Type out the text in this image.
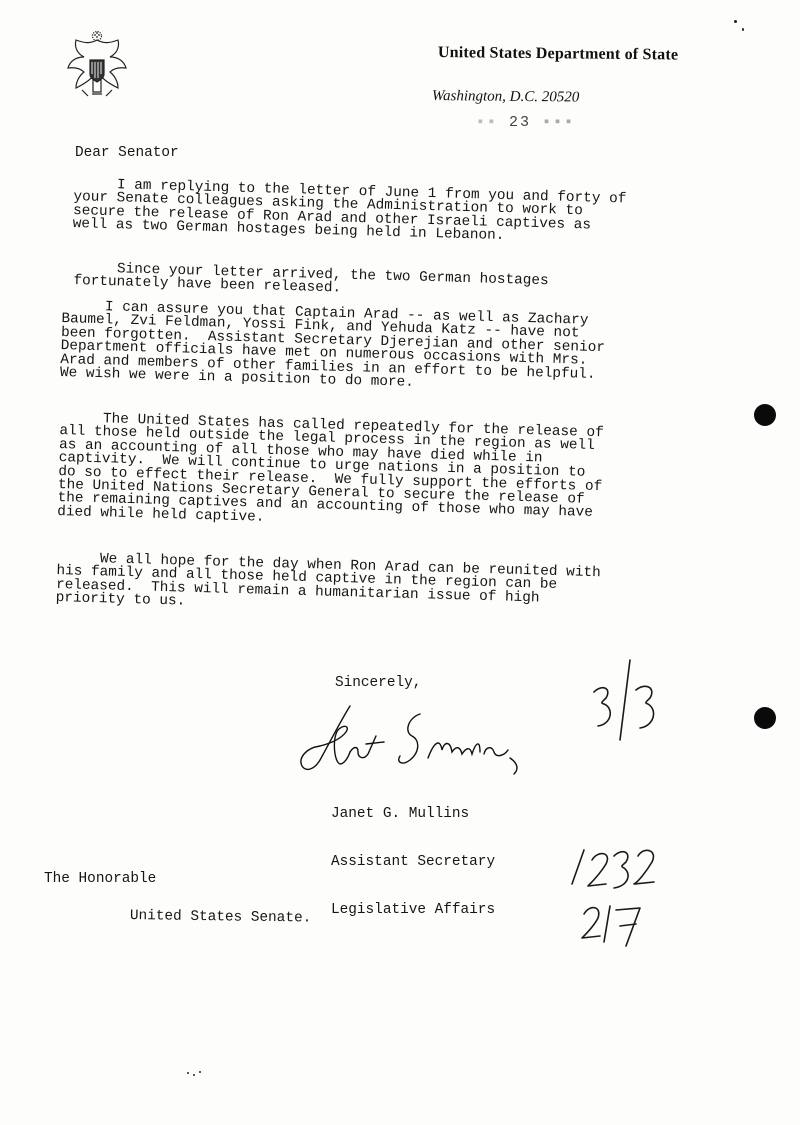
United States Department of State
Washington, D.C. 20520
▪▪ 23 ▪▪▪
Dear Senator
I am replying to the letter of June 1 from you and forty of
your Senate colleagues asking the Administration to work to
secure the release of Ron Arad and other Israeli captives as
well as two German hostages being held in Lebanon.
Since your letter arrived, the two German hostages
fortunately have been released.
I can assure you that Captain Arad -- as well as Zachary
Baumel, Zvi Feldman, Yossi Fink, and Yehuda Katz -- have not
been forgotten.  Assistant Secretary Djerejian and other senior
Department officials have met on numerous occasions with Mrs.
Arad and members of other families in an effort to be helpful.
We wish we were in a position to do more.
The United States has called repeatedly for the release of
all those held outside the legal process in the region as well
as an accounting of all those who may have died while in
captivity.  We will continue to urge nations in a position to
do so to effect their release.  We fully support the efforts of
the United Nations Secretary General to secure the release of
the remaining captives and an accounting of those who may have
died while held captive.
We all hope for the day when Ron Arad can be reunited with
his family and all those held captive in the region can be
released.  This will remain a humanitarian issue of high
priority to us.
Sincerely,

Janet G. Mullins

Assistant Secretary

Legislative Affairs

The Honorable
United States Senate.
